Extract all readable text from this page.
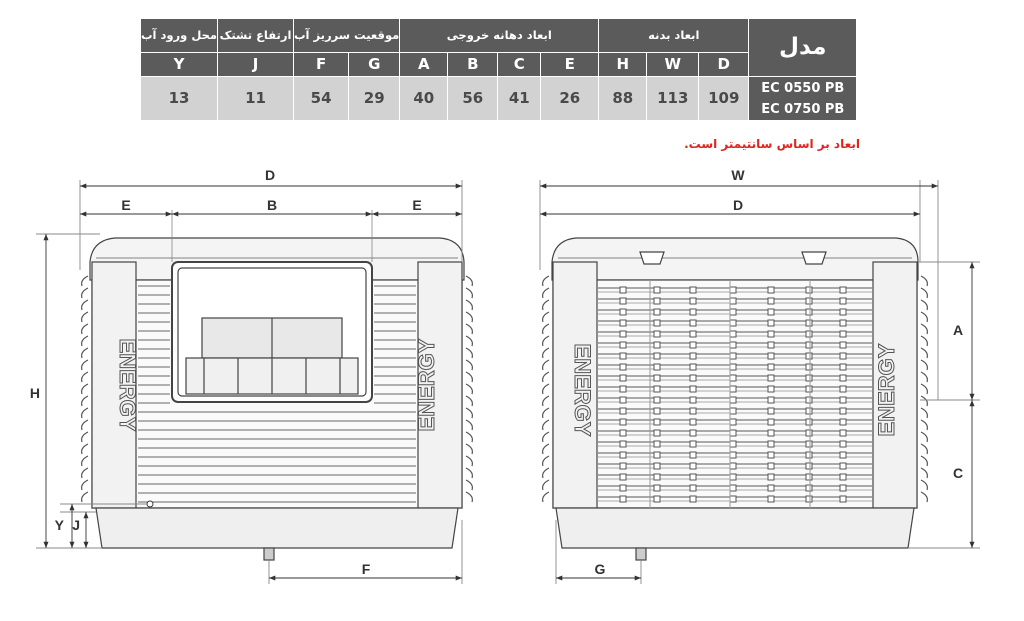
محل ورود آب	ارتفاع تشتک	موقعیت سرریز آب		ابعاد دهانه خروجی				ابعاد بدنه			مدل
Y	J	F	G	A	B	C	E	H	W	D	
13	11	54	29	40	56	41	26	88	113	109	EC 0550 PB
EC 0750 PB
ابعاد بر اساس سانتیمتر است.
ENERGY	ENERGY
D
E	B	E
H
Y J
F
ENERGY	ENERGY
W
D
A
C
G
